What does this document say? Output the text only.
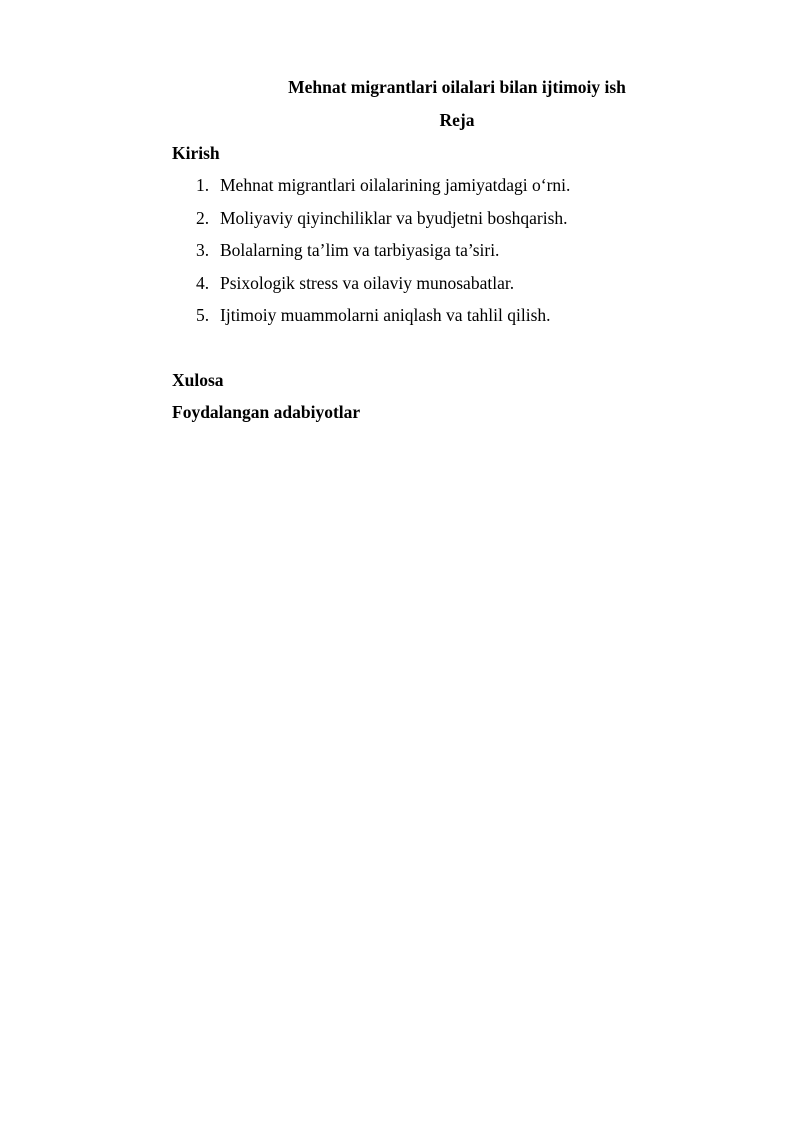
Mehnat migrantlari oilalari bilan ijtimoiy ish
Reja
Kirish
1. Mehnat migrantlari oilalarining jamiyatdagi o‘rni.
2. Moliyaviy qiyinchiliklar va byudjetni boshqarish.
3. Bolalarning ta’lim va tarbiyasiga ta’siri.
4. Psixologik stress va oilaviy munosabatlar.
5. Ijtimoiy muammolarni aniqlash va tahlil qilish.
Xulosa
Foydalangan adabiyotlar
